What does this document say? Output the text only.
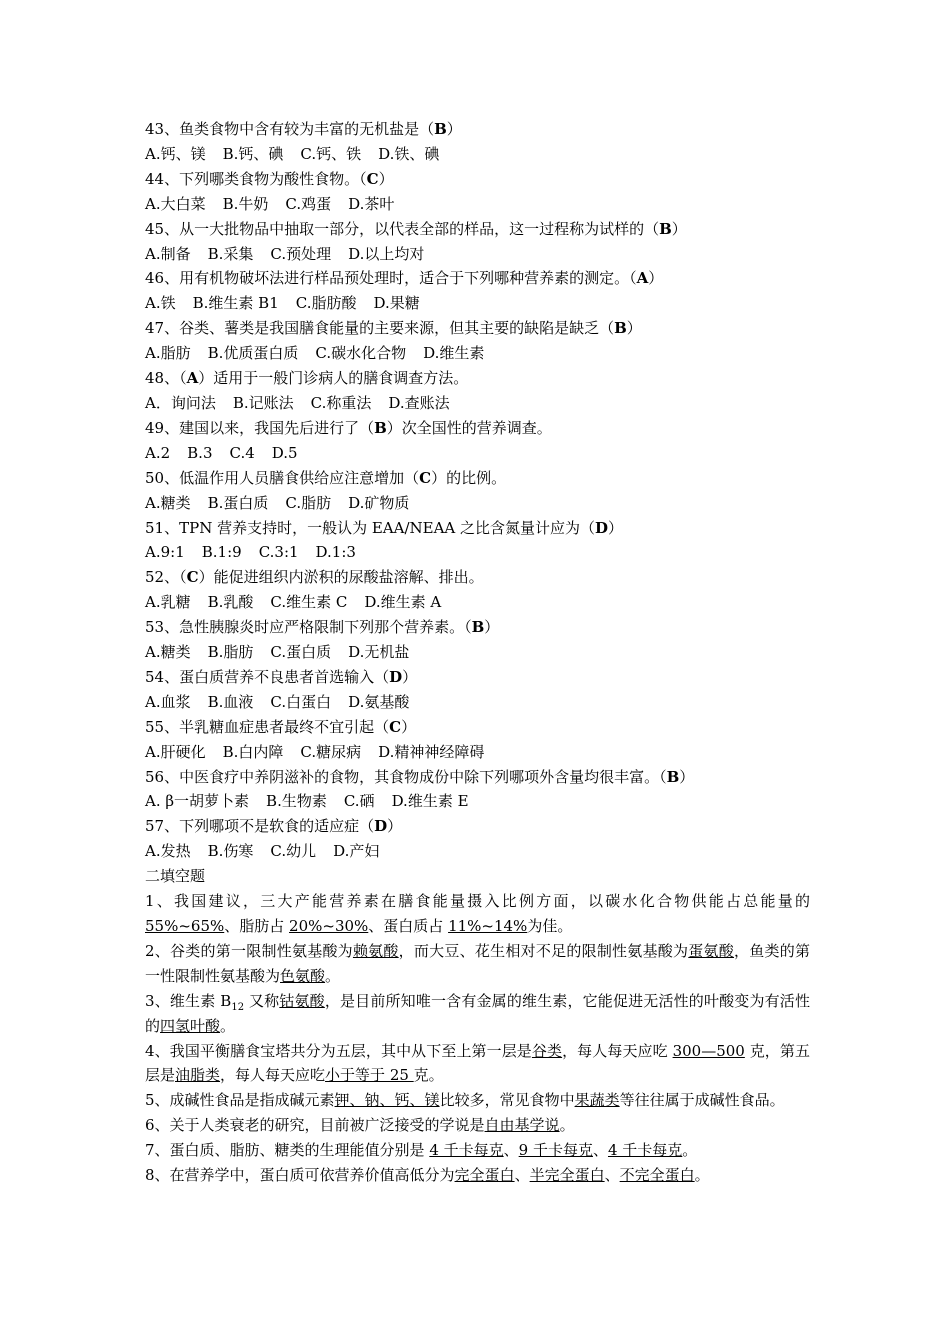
43、鱼类食物中含有较为丰富的无机盐是（B）

A.钙、镁 B.钙、碘 C.钙、铁 D.铁、碘

44、下列哪类食物为酸性食物。（C）

A.大白菜 B.牛奶 C.鸡蛋 D.茶叶

45、从一大批物品中抽取一部分，以代表全部的样品，这一过程称为试样的（B）

A.制备 B.采集 C.预处理 D.以上均对

46、用有机物破坏法进行样品预处理时，适合于下列哪种营养素的测定。（A）

A.铁 B.维生素 B1 C.脂肪酸 D.果糖

47、谷类、薯类是我国膳食能量的主要来源，但其主要的缺陷是缺乏（B）

A.脂肪 B.优质蛋白质 C.碳水化合物 D.维生素

48、（A）适用于一般门诊病人的膳食调查方法。

A．询问法 B.记账法 C.称重法 D.查账法

49、建国以来，我国先后进行了（B）次全国性的营养调查。

A.2 B.3 C.4 D.5

50、低温作用人员膳食供给应注意增加（C）的比例。

A.糖类 B.蛋白质 C.脂肪 D.矿物质

51、TPN 营养支持时，一般认为 EAA/NEAA 之比含氮量计应为（D）

A.9:1 B.1:9 C.3:1 D.1:3

52、（C）能促进组织内淤积的尿酸盐溶解、排出。

A.乳糖 B.乳酸 C.维生素 C D.维生素 A

53、急性胰腺炎时应严格限制下列那个营养素。（B）

A.糖类 B.脂肪 C.蛋白质 D.无机盐

54、蛋白质营养不良患者首选输入（D）

A.血浆 B.血液 C.白蛋白 D.氨基酸

55、半乳糖血症患者最终不宜引起（C）

A.肝硬化 B.白内障 C.糖尿病 D.精神神经障碍

56、中医食疗中养阴滋补的食物，其食物成份中除下列哪项外含量均很丰富。（B）

A. β一胡萝卜素 B.生物素 C.硒 D.维生素 E

57、下列哪项不是软食的适应症（D）

A.发热 B.伤寒 C.幼儿 D.产妇

二填空题

1、我国建议，三大产能营养素在膳食能量摄入比例方面，以碳水化合物供能占总能量的55%~65%、脂肪占 20%~30%、蛋白质占 11%~14%为佳。

2、谷类的第一限制性氨基酸为赖氨酸，而大豆、花生相对不足的限制性氨基酸为蛋氨酸，鱼类的第一性限制性氨基酸为色氨酸。

3、维生素 $B_{12}$ 又称钴氨酸，是目前所知唯一含有金属的维生素，它能促进无活性的叶酸变为有活性的四氢叶酸。

4、我国平衡膳食宝塔共分为五层，其中从下至上第一层是谷类，每人每天应吃 300—500 克，第五层是油脂类，每人每天应吃小于等于 25 克。

5、成碱性食品是指成碱元素钾、钠、钙、镁比较多，常见食物中果蔬类等往往属于成碱性食品。

6、关于人类衰老的研究，目前被广泛接受的学说是自由基学说。

7、蛋白质、脂肪、糖类的生理能值分别是 4 千卡每克、9 千卡每克、4 千卡每克。

8、在营养学中，蛋白质可依营养价值高低分为完全蛋白、半完全蛋白、不完全蛋白。
